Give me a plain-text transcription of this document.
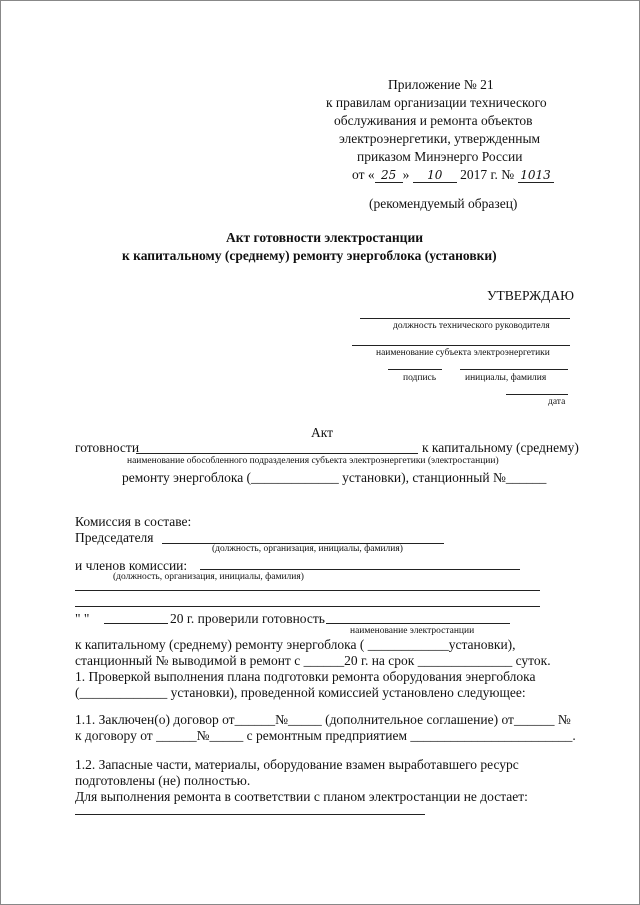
Приложение № 21
к правилам организации технического
обслуживания и ремонта объектов
электроэнергетики, утвержденным
приказом Минэнерго России
от « 25 » 10 2017 г. № 1013
(рекомендуемый образец)
Акт готовности электростанции
к капитальному (среднему) ремонту энергоблока (установки)
УТВЕРЖДАЮ
должность технического руководителя
наименование субъекта электроэнергетики
подпись	инициалы, фамилия
дата
Акт
готовности	к капитальному (среднему)
наименование обособленного подразделения субъекта электроэнергетики (электростанции)
ремонту энергоблока (_____________ установки), станционный №______
Комиссия в составе:
Председателя
(должность, организация, инициалы, фамилия)
и членов комиссии:
(должность, организация, инициалы, фамилия)
" "	20 г. проверили готовность
наименование электростанции
к капитальному (среднему) ремонту энергоблока ( ____________установки),
станционный № выводимой в ремонт с ______20 г. на срок ______________ суток.
1. Проверкой выполнения плана подготовки ремонта оборудования энергоблока
(_____________ установки), проведенной комиссией установлено следующее:
1.1. Заключен(о) договор от______№_____ (дополнительное соглашение) от______ №
к договору от ______№_____ с ремонтным предприятием ________________________.
1.2. Запасные части, материалы, оборудование взамен выработавшего ресурс
подготовлены (не) полностью.
Для выполнения ремонта в соответствии с планом электростанции не достает:
